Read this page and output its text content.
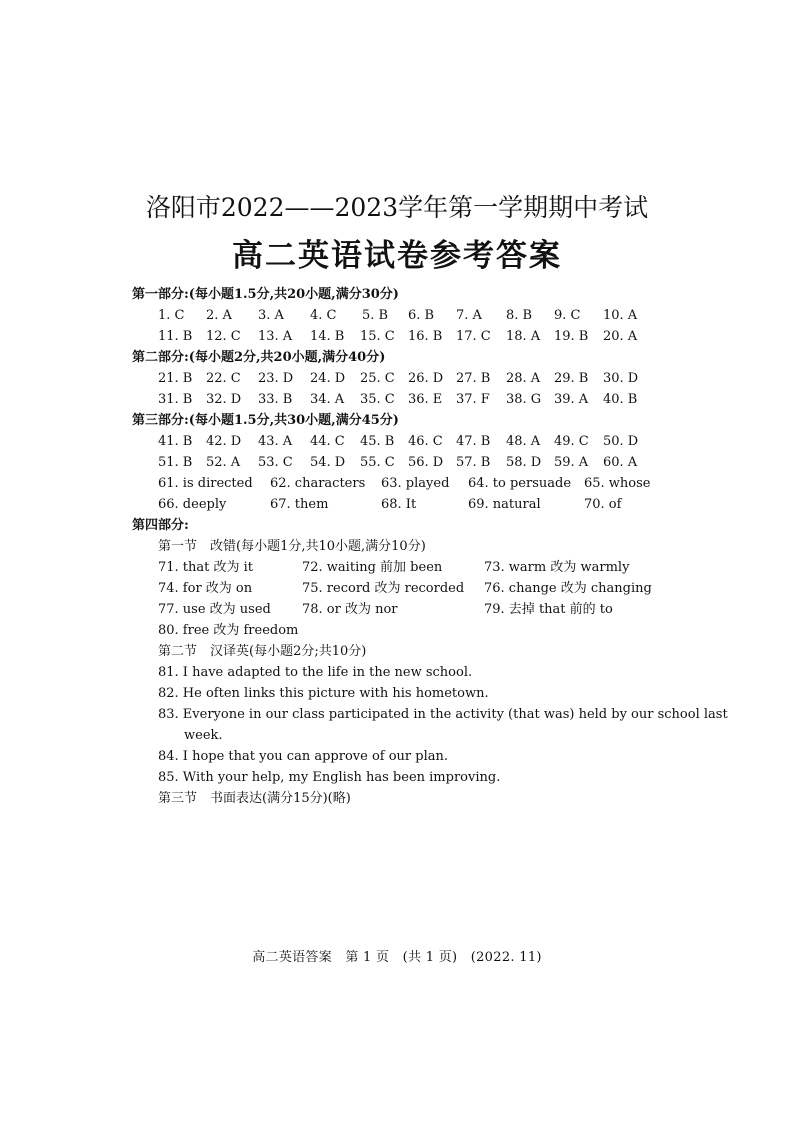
洛阳市2022——2023学年第一学期期中考试
高二英语试卷参考答案
第一部分:(每小题1.5分,共20小题,满分30分)
1. C 2. A 3. A 4. C 5. B 6. B 7. A 8. B 9. C 10. A
11. B 12. C 13. A 14. B 15. C 16. B 17. C 18. A 19. B 20. A
第二部分:(每小题2分,共20小题,满分40分)
21. B 22. C 23. D 24. D 25. C 26. D 27. B 28. A 29. B 30. D
31. B 32. D 33. B 34. A 35. C 36. E 37. F 38. G 39. A 40. B
第三部分:(每小题1.5分,共30小题,满分45分)
41. B 42. D 43. A 44. C 45. B 46. C 47. B 48. A 49. C 50. D
51. B 52. A 53. C 54. D 55. C 56. D 57. B 58. D 59. A 60. A
61. is directed 62. characters 63. played 64. to persuade 65. whose
66. deeply	67. them	68. It	69. natural	70. of
第四部分:
第一节　改错(每小题1分,共10小题,满分10分)
71. that 改为 it	72. waiting 前加 been	73. warm 改为 warmly
74. for 改为 on	75. record 改为 recorded 76. change 改为 changing
77. use 改为 used 78. or 改为 nor	79. 去掉 that 前的 to
80. free 改为 freedom
第二节　汉译英(每小题2分;共10分)
81. I have adapted to the life in the new school.
82. He often links this picture with his hometown.
83. Everyone in our class participated in the activity (that was) held by our school last
week.
84. I hope that you can approve of our plan.
85. With your help, my English has been improving.
第三节　书面表达(满分15分)(略)
高二英语答案　第 1 页　(共 1 页)　(2022. 11)
